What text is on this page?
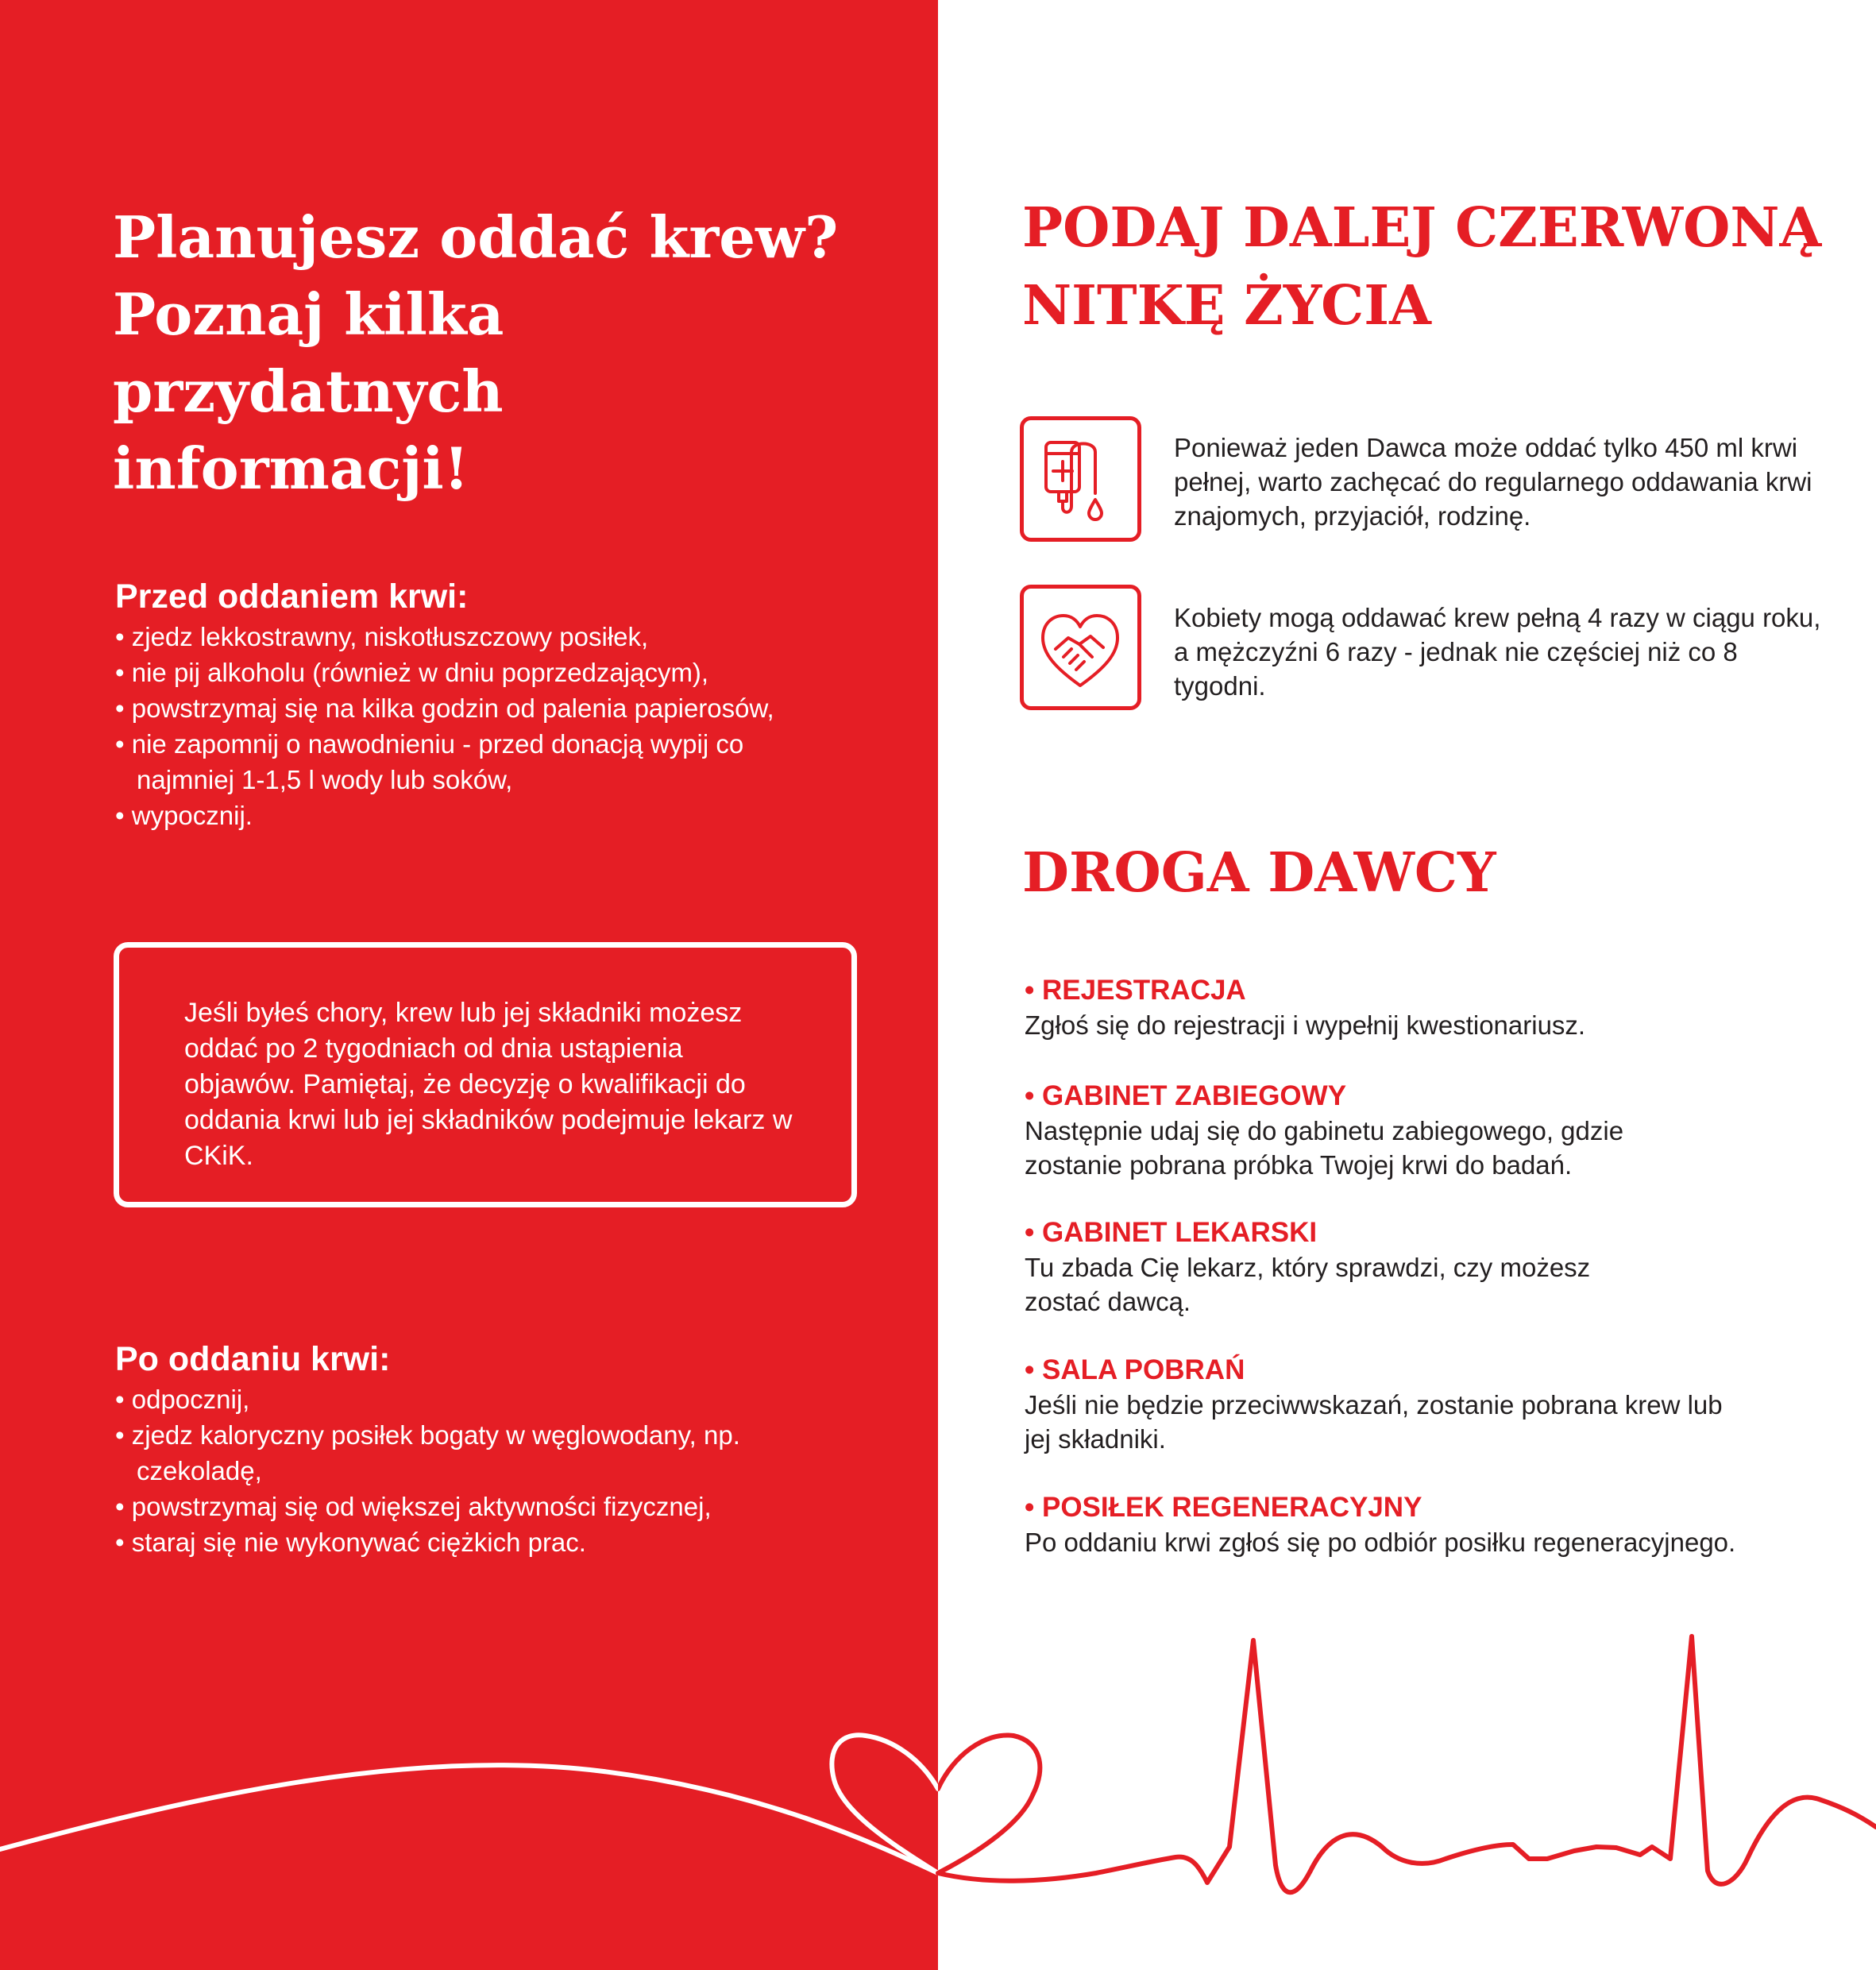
Planujesz oddać krew?
Poznaj kilka przydatnych
informacji!
Przed oddaniem krwi:
• zjedz lekkostrawny, niskotłuszczowy posiłek,
• nie pij alkoholu (również w dniu poprzedzającym),
• powstrzymaj się na kilka godzin od palenia papierosów,
• nie zapomnij o nawodnieniu - przed donacją wypij co najmniej 1-1,5 l wody lub soków,
• wypocznij.
Jeśli byłeś chory, krew lub jej składniki możesz oddać po 2 tygodniach od dnia ustąpienia objawów. Pamiętaj, że decyzję o kwalifikacji do oddania krwi lub jej składników podejmuje lekarz w CKiK.
Po oddaniu krwi:
• odpocznij,
• zjedz kaloryczny posiłek bogaty w węglowodany, np. czekoladę,
• powstrzymaj się od większej aktywności fizycznej,
• staraj się nie wykonywać ciężkich prac.
PODAJ DALEJ CZERWONĄ
NITKĘ ŻYCIA
Ponieważ jeden Dawca może oddać tylko 450 ml krwi pełnej, warto zachęcać do regularnego oddawania krwi znajomych, przyjaciół, rodzinę.
Kobiety mogą oddawać krew pełną 4 razy w ciągu roku, a mężczyźni 6 razy - jednak nie częściej niż co 8 tygodni.
DROGA DAWCY

• REJESTRACJA

Zgłoś się do rejestracji i wypełnij kwestionariusz.

• GABINET ZABIEGOWY

Następnie udaj się do gabinetu zabiegowego, gdzie zostanie pobrana próbka Twojej krwi do badań.

• GABINET LEKARSKI

Tu zbada Cię lekarz, który sprawdzi, czy możesz zostać dawcą.

• SALA POBRAŃ

Jeśli nie będzie przeciwwskazań, zostanie pobrana krew lub jej składniki.

• POSIŁEK REGENERACYJNY

Po oddaniu krwi zgłoś się po odbiór posiłku regeneracyjnego.
